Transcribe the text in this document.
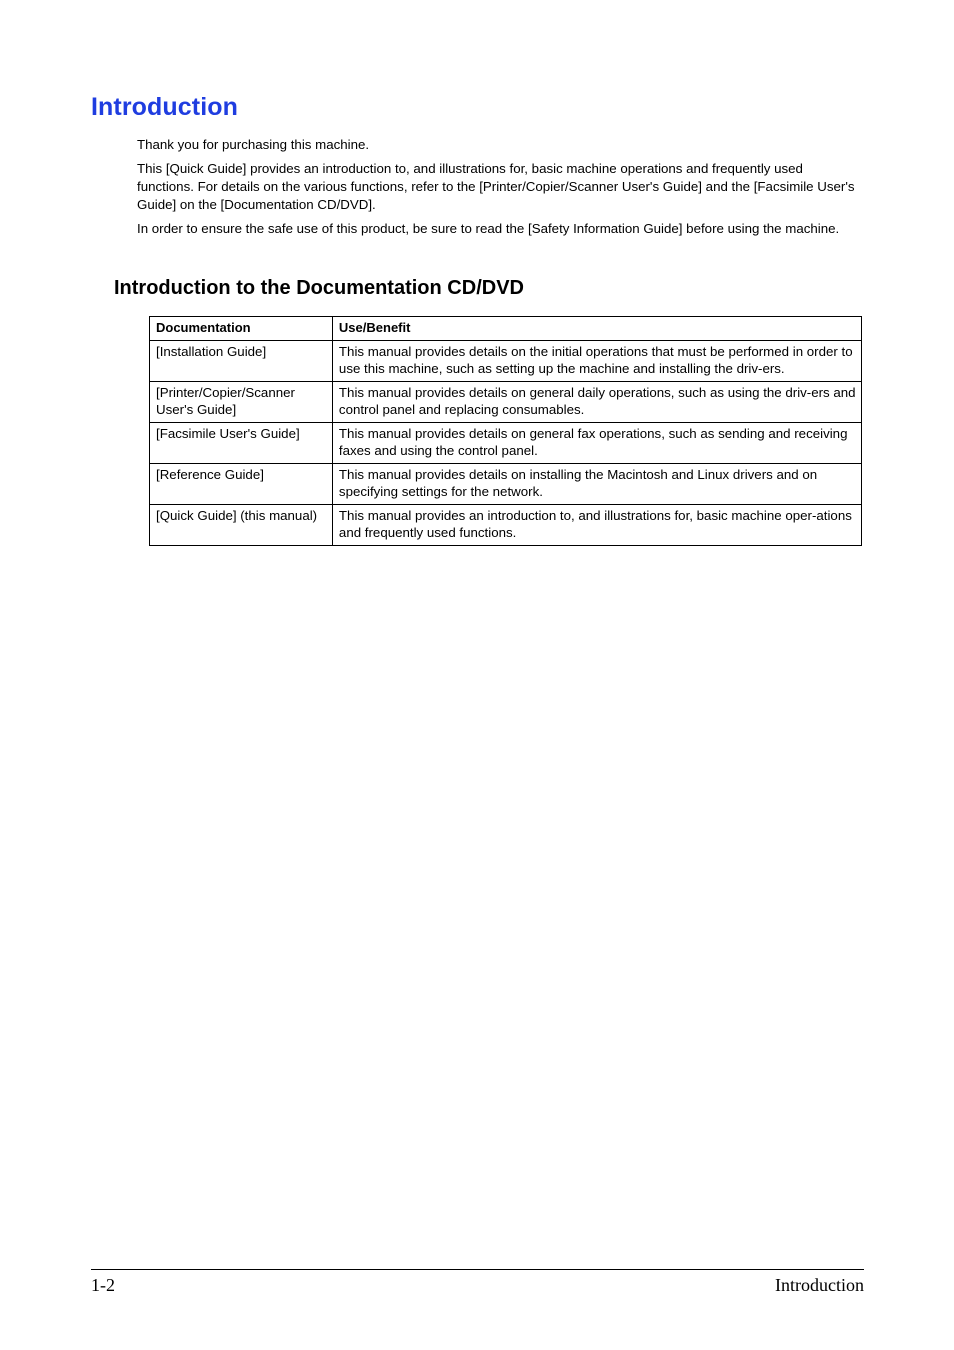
Introduction

Thank you for purchasing this machine.

This [Quick Guide] provides an introduction to, and illustrations for, basic machine operations and frequently used functions. For details on the various functions, refer to the [Printer/Copier/Scanner User's Guide] and the [Facsimile User's Guide] on the [Documentation CD/DVD].

In order to ensure the safe use of this product, be sure to read the [Safety Information Guide] before using the machine.

Introduction to the Documentation CD/DVD
Documentation	Use/Benefit
[Installation Guide]	This manual provides details on the initial operations that must be performed in order to use this machine, such as setting up the machine and installing the driv-ers.
[Printer/Copier/Scanner User's Guide]	This manual provides details on general daily operations, such as using the driv-ers and control panel and replacing consumables.
[Facsimile User's Guide]	This manual provides details on general fax operations, such as sending and receiving faxes and using the control panel.
[Reference Guide]	This manual provides details on installing the Macintosh and Linux drivers and on specifying settings for the network.
[Quick Guide] (this manual)	This manual provides an introduction to, and illustrations for, basic machine oper-ations and frequently used functions.
1-2	Introduction
